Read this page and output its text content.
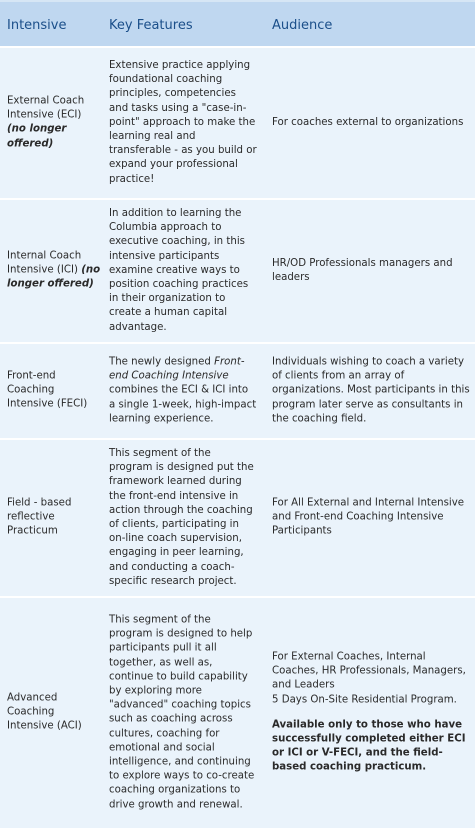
Intensive	Key Features	Audience
External Coach Intensive (ECI) (no longer offered)
Extensive practice applying foundational coaching principles, competencies and tasks using a "case-in-point" approach to make the learning real and transferable - as you build or expand your professional practice!
For coaches external to organizations
Internal Coach Intensive (ICI) (no longer offered)
In addition to learning the Columbia approach to executive coaching, in this intensive participants examine creative ways to position coaching practices in their organization to create a human capital advantage.
HR/OD Professionals managers and leaders
Front-end Coaching Intensive (FECI)
The newly designed Front-end Coaching Intensive combines the ECI & ICI into a single 1-week, high-impact learning experience.
Individuals wishing to coach a variety of clients from an array of organizations. Most participants in this program later serve as consultants in the coaching field.
Field - based reflective Practicum
This segment of the program is designed put the framework learned during the front-end intensive in action through the coaching of clients, participating in on-line coach supervision, engaging in peer learning, and conducting a coach-specific research project.
For All External and Internal Intensive and Front-end Coaching Intensive Participants
Advanced Coaching Intensive (ACI)
This segment of the program is designed to help participants pull it all together, as well as, continue to build capability by exploring more "advanced" coaching topics such as coaching across cultures, coaching for emotional and social intelligence, and continuing to explore ways to co-create coaching organizations to drive growth and renewal.
For External Coaches, Internal Coaches, HR Professionals, Managers, and Leaders
5 Days On-Site Residential Program.
Available only to those who have successfully completed either ECI or ICI or V-FECI, and the field-based coaching practicum.
